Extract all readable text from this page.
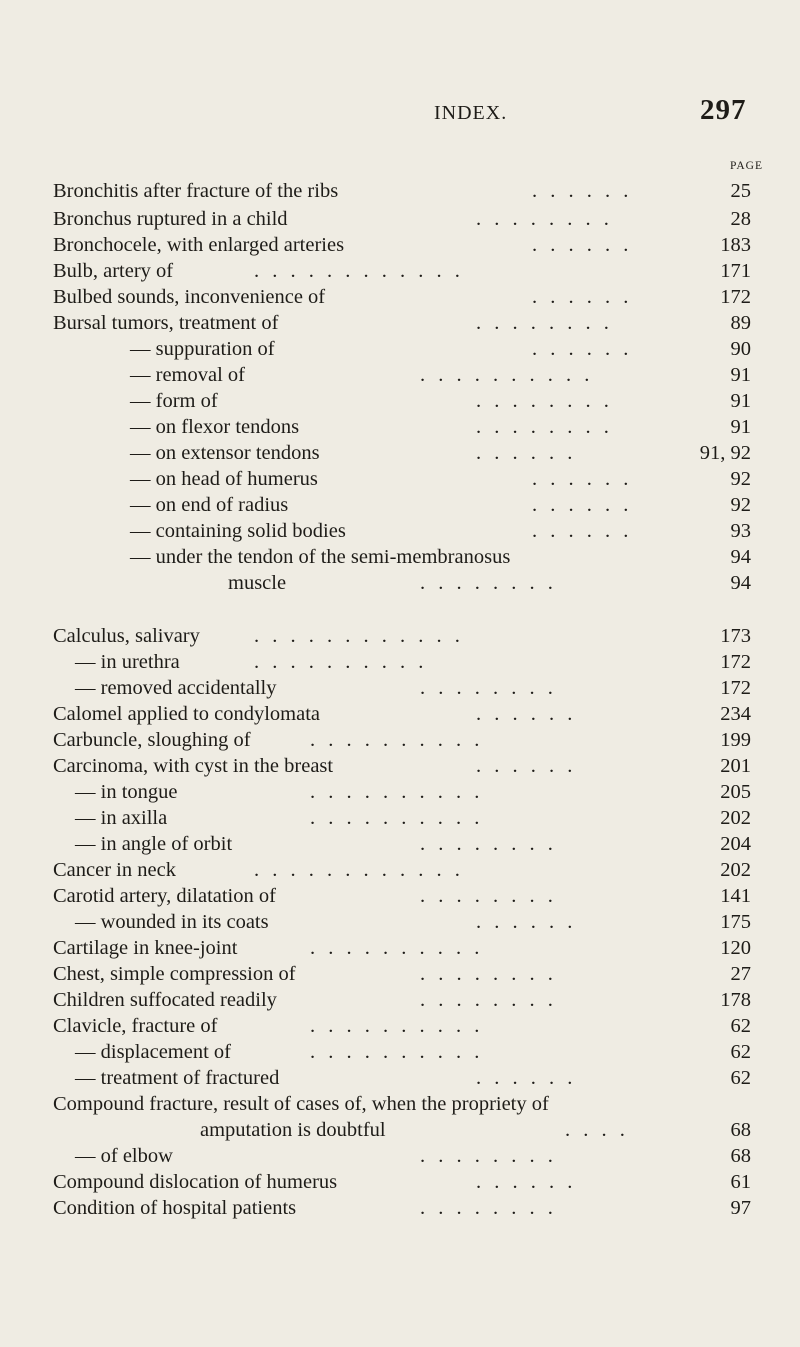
INDEX.	297
PAGE
Bronchitis after fracture of the ribs	. . . . . .	25
Bronchus ruptured in a child	. . . . . . . .	28
Bronchocele, with enlarged arteries	. . . . . .	183
Bulb, artery of	. . . . . . . . . . . .	171
Bulbed sounds, inconvenience of	. . . . . .	172
Bursal tumors, treatment of	. . . . . . . .	89
— suppuration of	. . . . . .	90
— removal of	. . . . . . . . . .	91
— form of	. . . . . . . .	91
— on flexor tendons	. . . . . . . .	91
— on extensor tendons	. . . . . .	91, 92
— on head of humerus	. . . . . .	92
— on end of radius	. . . . . .	92
— containing solid bodies	. . . . . .	93
— under the tendon of the semi-membranosus	94
muscle	. . . . . . . .	94
Calculus, salivary	. . . . . . . . . . . .	173
— in urethra	. . . . . . . . . .	172
— removed accidentally	. . . . . . . .	172
Calomel applied to condylomata	. . . . . .	234
Carbuncle, sloughing of	. . . . . . . . . .	199
Carcinoma, with cyst in the breast	. . . . . .	201
— in tongue	. . . . . . . . . .	205
— in axilla	. . . . . . . . . .	202
— in angle of orbit	. . . . . . . .	204
Cancer in neck	. . . . . . . . . . . .	202
Carotid artery, dilatation of	. . . . . . . .	141
— wounded in its coats	. . . . . .	175
Cartilage in knee-joint	. . . . . . . . . .	120
Chest, simple compression of	. . . . . . . .	27
Children suffocated readily	. . . . . . . .	178
Clavicle, fracture of	. . . . . . . . . .	62
— displacement of	. . . . . . . . . .	62
— treatment of fractured	. . . . . .	62
Compound fracture, result of cases of, when the propriety of
amputation is doubtful	. . . .	68
— of elbow	. . . . . . . .	68
Compound dislocation of humerus	. . . . . .	61
Condition of hospital patients	. . . . . . . .	97
